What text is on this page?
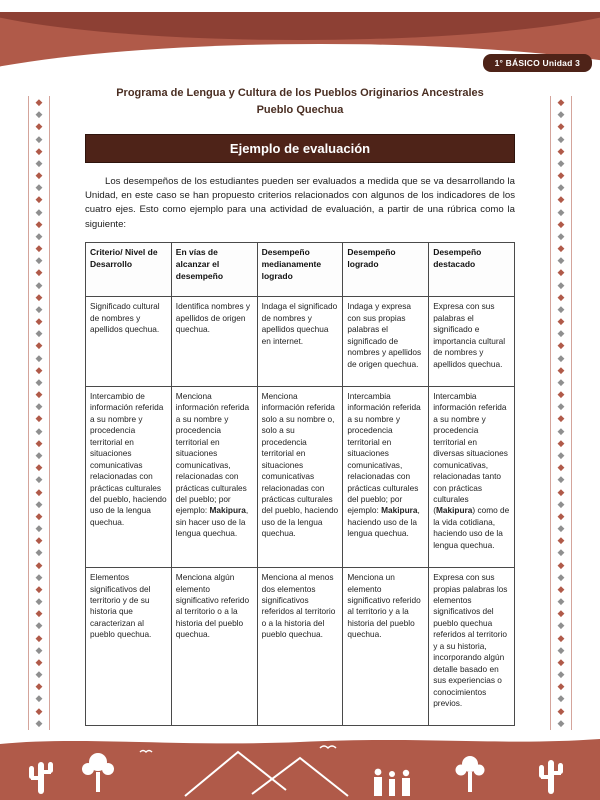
1° BÁSICO Unidad 3
◆
◆
◆
◆
◆
◆
◆
◆
◆
◆
◆
◆
◆
◆
◆
◆
◆
◆
◆
◆
◆
◆
◆
◆
◆
◆
◆
◆
◆
◆
◆
◆
◆
◆
◆
◆
◆
◆
◆
◆
◆
◆
◆
◆
◆
◆
◆
◆
◆
◆
◆
◆
◆
◆
◆
◆
◆
◆
◆
◆
◆
◆
◆
◆
◆
◆
◆
◆
◆
◆
◆
◆
◆
◆
◆
◆
◆
◆
◆
◆
◆
◆
◆
◆
◆
◆
◆
◆
◆
◆
◆
◆
◆
◆
◆
◆
◆
◆
◆
◆
◆
◆
◆
◆
Programa de Lengua y Cultura de los Pueblos Originarios Ancestrales
Pueblo Quechua
Ejemplo de evaluación

Los desempeños de los estudiantes pueden ser evaluados a medida que se va desarrollando la Unidad, en este caso se han propuesto criterios relacionados con algunos de los indicadores de los cuatro ejes. Esto como ejemplo para una actividad de evaluación, a partir de una rúbrica como la siguiente:

Criterio/ Nivel de Desarrollo	En vías de alcanzar el desempeño	Desempeño medianamente logrado	Desempeño logrado	Desempeño destacado
Significado cultural de nombres y apellidos quechua.	Identifica nombres y apellidos de origen quechua.	Indaga el significado de nombres y apellidos quechua en internet.	Indaga y expresa con sus propias palabras el significado de nombres y apellidos de origen quechua.	Expresa con sus palabras el significado e importancia cultural de nombres y apellidos quechua.
Intercambio de información referida a su nombre y procedencia territorial en situaciones comunicativas relacionadas con prácticas culturales del pueblo, haciendo uso de la lengua quechua.	Menciona información referida a su nombre y procedencia territorial en situaciones comunicativas, relacionadas con prácticas culturales del pueblo; por ejemplo: Makipura, sin hacer uso de la lengua quechua.	Menciona información referida solo a su nombre o, solo a su procedencia territorial en situaciones comunicativas relacionadas con prácticas culturales del pueblo, haciendo uso de la lengua quechua.	Intercambia información referida a su nombre y procedencia territorial en situaciones comunicativas, relacionadas con prácticas culturales del pueblo; por ejemplo: Makipura, haciendo uso de la lengua quechua.	Intercambia información referida a su nombre y procedencia territorial en diversas situaciones comunicativas, relacionadas tanto con prácticas culturales (Makipura) como de la vida cotidiana, haciendo uso de la lengua quechua.
Elementos significativos del territorio y de su historia que caracterizan al pueblo quechua.	Menciona algún elemento significativo referido al territorio o a la historia del pueblo quechua.	Menciona al menos dos elementos significativos referidos al territorio o a la historia del pueblo quechua.	Menciona un elemento significativo referido al territorio y a la historia del pueblo quechua.	Expresa con sus propias palabras los elementos significativos del pueblo quechua referidos al territorio y a su historia, incorporando algún detalle basado en sus experiencias o conocimientos previos.
